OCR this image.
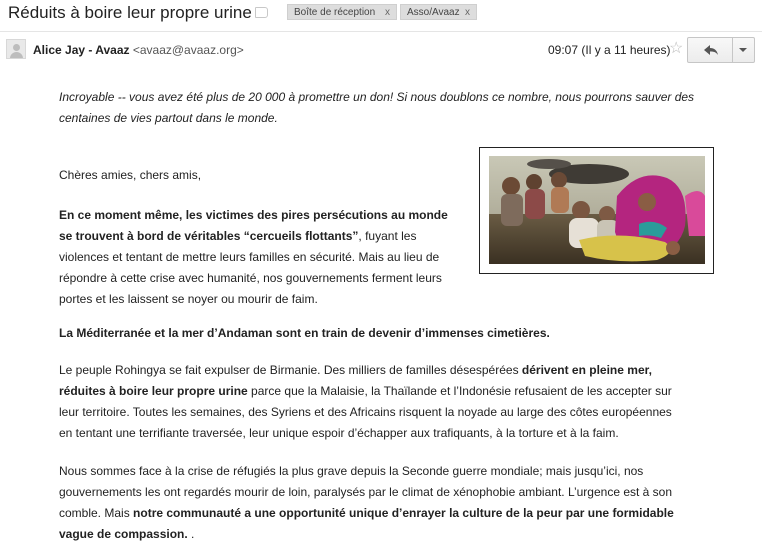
Réduits à boire leur propre urine	Boîte de réception x	Asso/Avaaz x
Alice Jay - Avaaz <avaaz@avaaz.org>	09:07 (Il y a 11 heures)
☆
Incroyable -- vous avez été plus de 20 000 à promettre un don! Si nous doublons ce nombre, nous pourrons sauver des
centaines de vies partout dans le monde.
Chères amies, chers amis,
En ce moment même, les victimes des pires persécutions au monde
se trouvent à bord de véritables “cercueils flottants”, fuyant les
violences et tentant de mettre leurs familles en sécurité. Mais au lieu de
répondre à cette crise avec humanité, nos gouvernements ferment leurs
portes et les laissent se noyer ou mourir de faim.
La Méditerranée et la mer d’Andaman sont en train de devenir d’immenses cimetières.
Le peuple Rohingya se fait expulser de Birmanie. Des milliers de familles désespérées dérivent en pleine mer,
réduites à boire leur propre urine parce que la Malaisie, la Thaïlande et l’Indonésie refusaient de les accepter sur
leur territoire. Toutes les semaines, des Syriens et des Africains risquent la noyade au large des côtes européennes
en tentant une terrifiante traversée, leur unique espoir d’échapper aux trafiquants, à la torture et à la faim.
Nous sommes face à la crise de réfugiés la plus grave depuis la Seconde guerre mondiale; mais jusqu’ici, nos
gouvernements les ont regardés mourir de loin, paralysés par le climat de xénophobie ambiant. L’urgence est à son
comble. Mais notre communauté a une opportunité unique d’enrayer la culture de la peur par une formidable
vague de compassion. .
